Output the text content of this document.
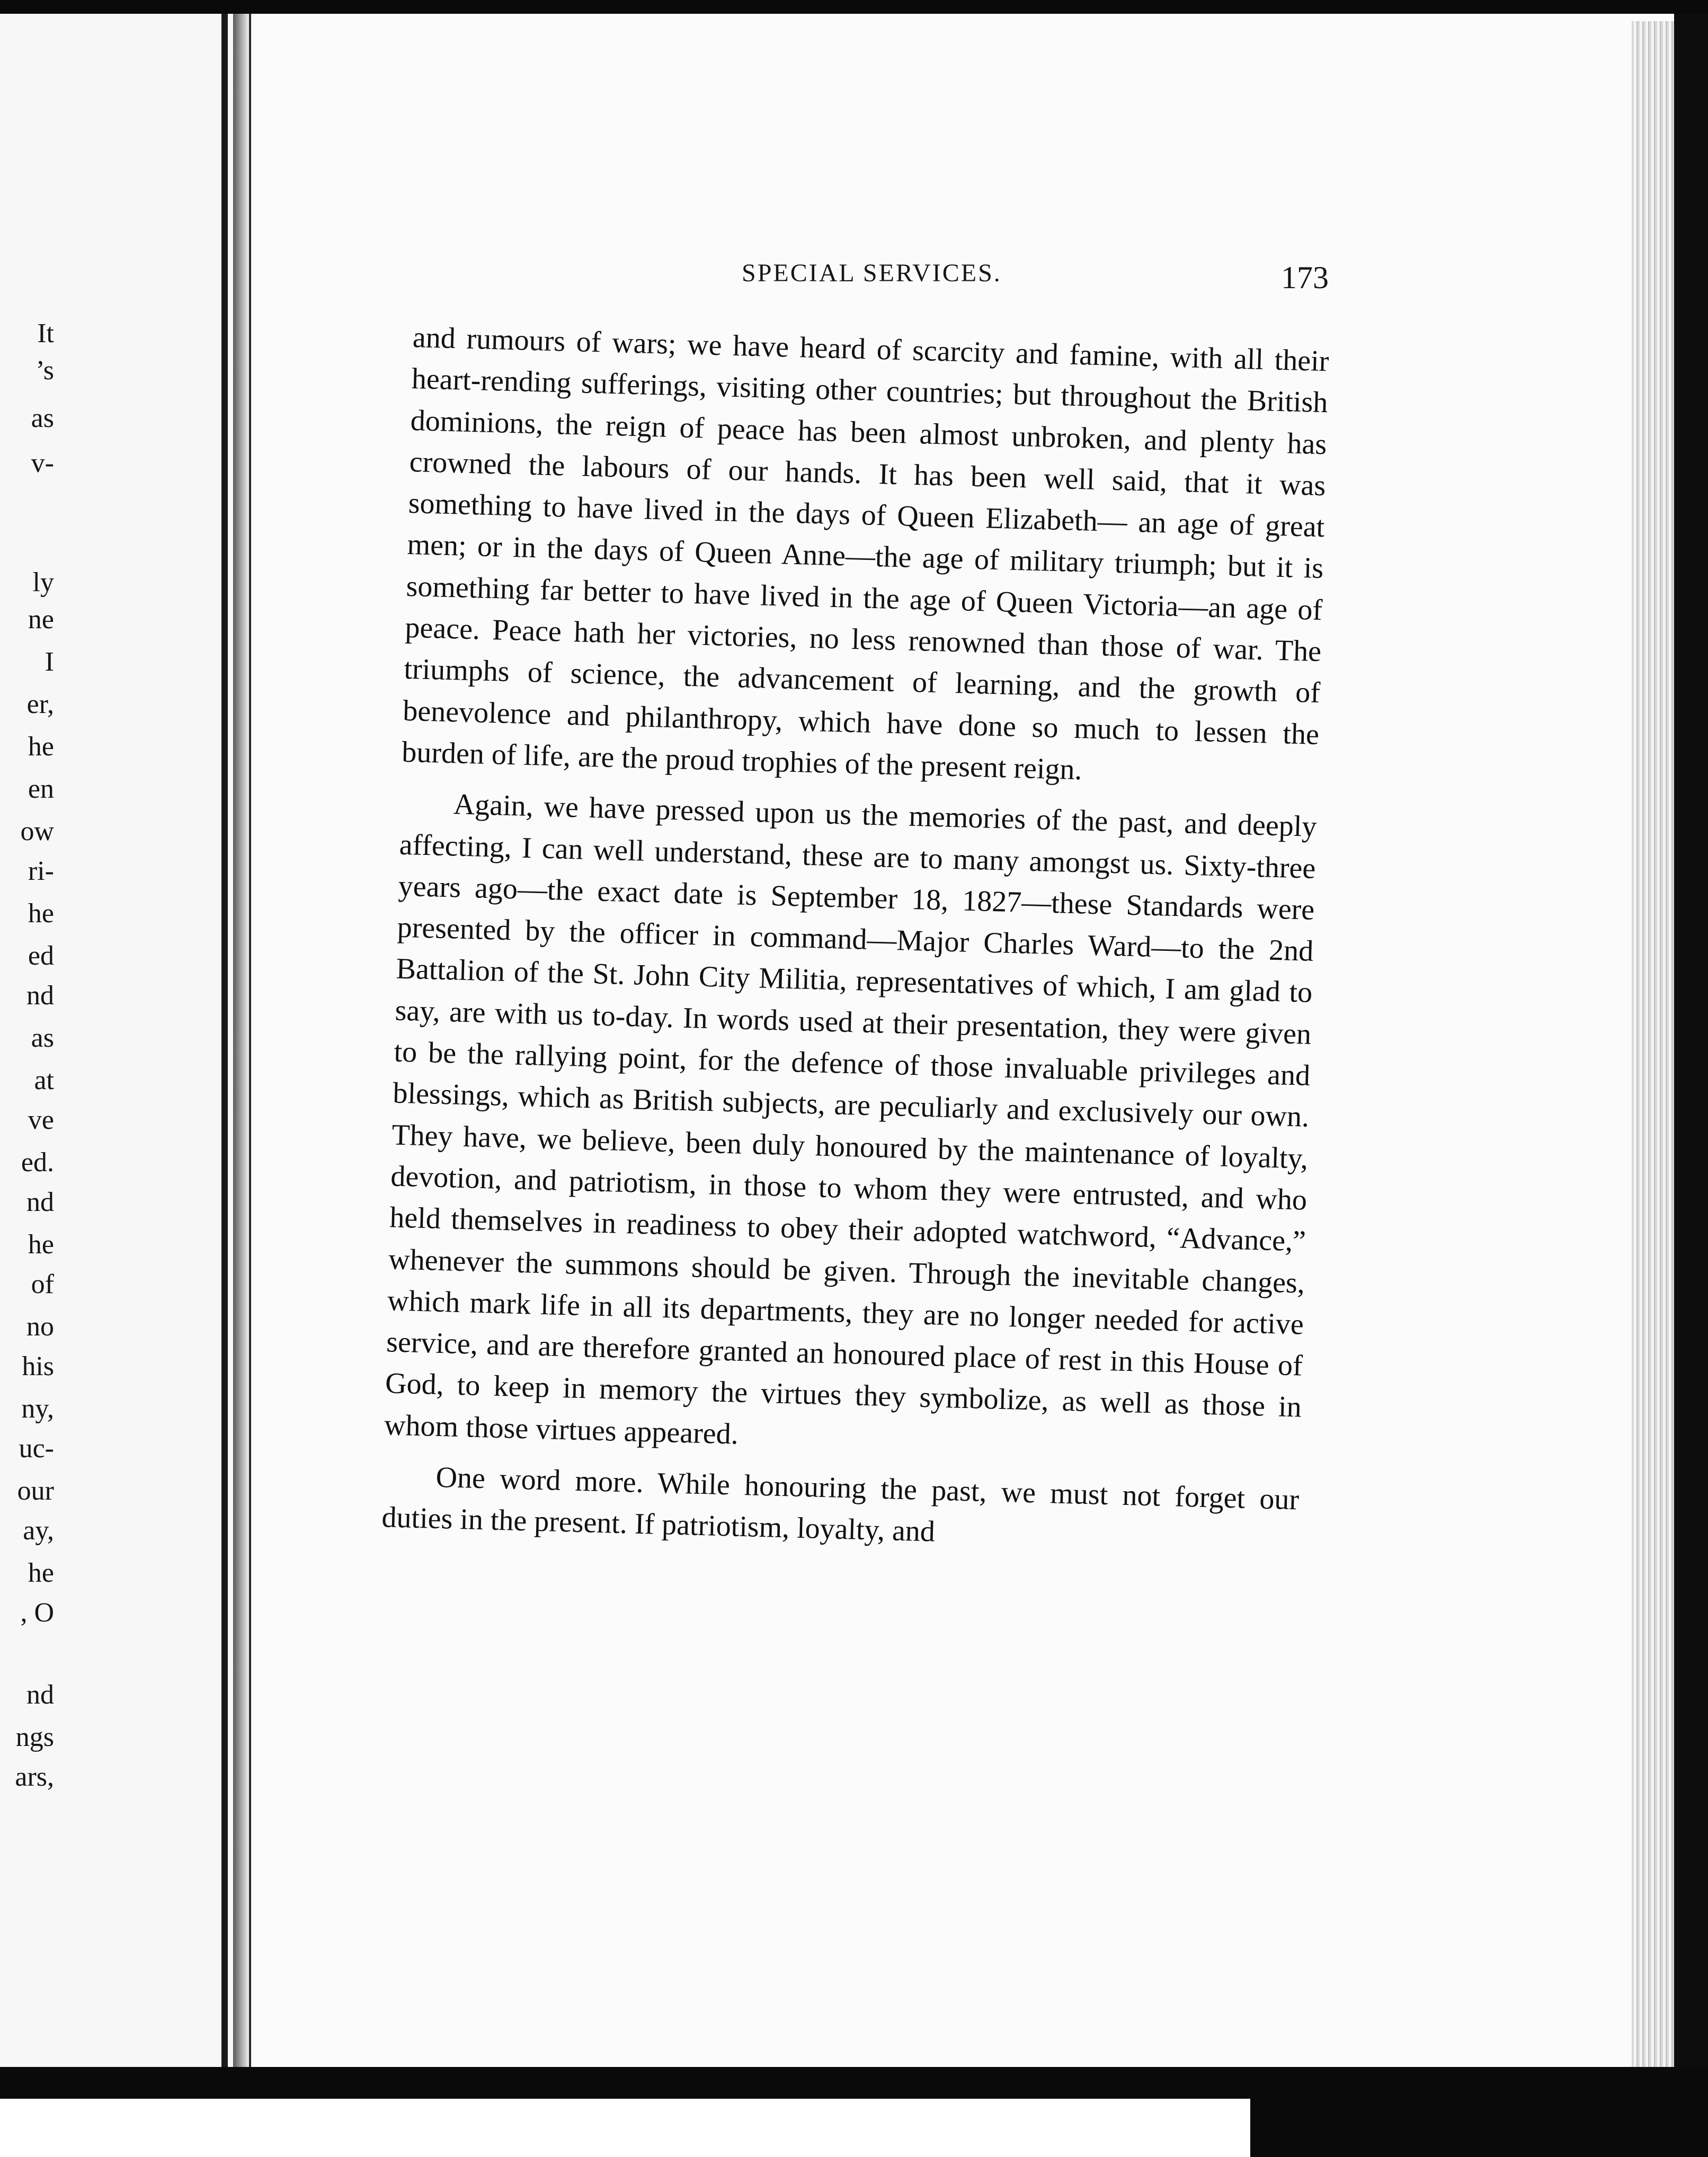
It
’s
as
v-
ly
ne
I
er,
he
en
ow
ri-
he
ed
nd
as
at
ve
ed.
nd
he
of
no
his
ny,
uc-
our
ay,
he
, O
nd
ngs
ars,
SPECIAL SERVICES.	173

and rumours of wars; we have heard of scarcity and famine, with all their heart-rending sufferings, visiting other countries; but throughout the British dominions, the reign of peace has been almost unbroken, and plenty has crowned the labours of our hands. It has been well said, that it was something to have lived in the days of Queen Elizabeth— an age of great men; or in the days of Queen Anne—the age of military triumph; but it is something far better to have lived in the age of Queen Victoria—an age of peace. Peace hath her victories, no less renowned than those of war. The triumphs of science, the advancement of learning, and the growth of benevolence and philanthropy, which have done so much to lessen the burden of life, are the proud trophies of the present reign.

Again, we have pressed upon us the memories of the past, and deeply affecting, I can well understand, these are to many amongst us. Sixty-three years ago—the exact date is September 18, 1827—these Standards were presented by the officer in command—Major Charles Ward—to the 2nd Battalion of the St. John City Militia, representatives of which, I am glad to say, are with us to-day. In words used at their presentation, they were given to be the rallying point, for the defence of those invaluable privileges and blessings, which as British subjects, are peculiarly and exclusively our own. They have, we believe, been duly honoured by the maintenance of loyalty, devotion, and patriotism, in those to whom they were entrusted, and who held themselves in readiness to obey their adopted watchword, “Advance,” whenever the summons should be given. Through the inevitable changes, which mark life in all its departments, they are no longer needed for active service, and are therefore granted an honoured place of rest in this House of God, to keep in memory the virtues they symbolize, as well as those in whom those virtues appeared.

One word more. While honouring the past, we must not forget our duties in the present. If patriotism, loyalty, and
